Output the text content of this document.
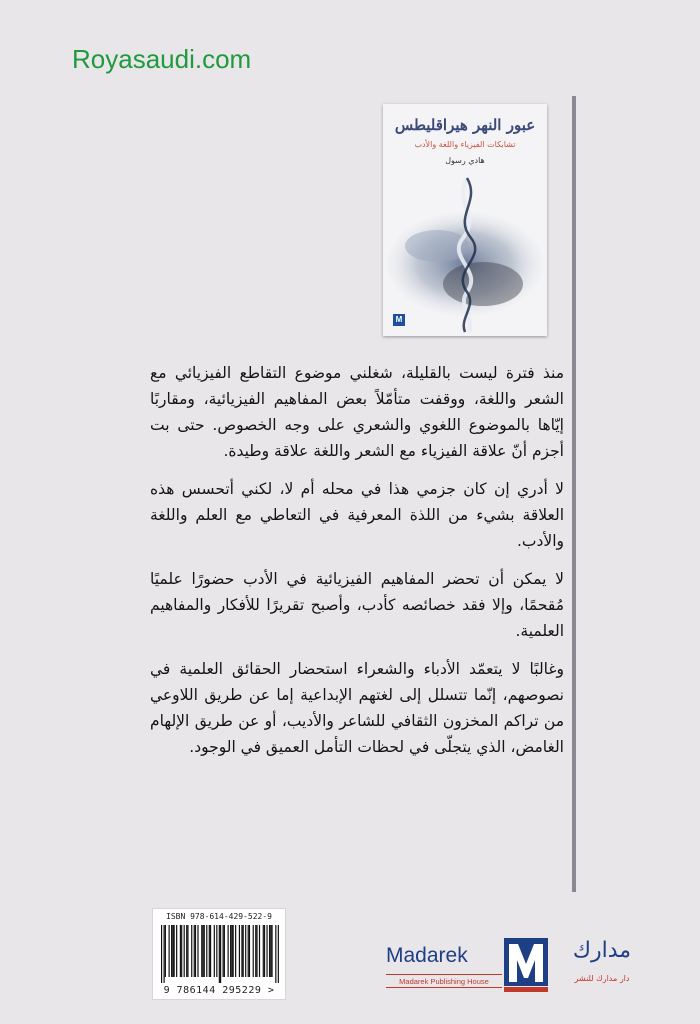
Royasaudi.com
عبور النهر هيراقليطس
تشابكات الفيزياء واللغة والأدب
هادي رسول
M

منذ فترة ليست بالقليلة، شغلني موضوع التقاطع الفيزيائي مع الشعر واللغة، ووقفت متأمّلاً بعض المفاهيم الفيزيائية، ومقاربًا إيّاها بالموضوع اللغوي والشعري على وجه الخصوص. حتى بت أجزم أنّ علاقة الفيزياء مع الشعر واللغة علاقة وطيدة.

لا أدري إن كان جزمي هذا في محله أم لا، لكني أتحسس هذه العلاقة بشيء من اللذة المعرفية في التعاطي مع العلم واللغة والأدب.

لا يمكن أن تحضر المفاهيم الفيزيائية في الأدب حضورًا علميًا مُقحمًا، وإلا فقد خصائصه كأدب، وأصبح تقريرًا للأفكار والمفاهيم العلمية.

وغالبًا لا يتعمّد الأدباء والشعراء استحضار الحقائق العلمية في نصوصهم، إنّما تتسلل إلى لغتهم الإبداعية إما عن طريق اللاوعي من تراكم المخزون الثقافي للشاعر والأديب، أو عن طريق الإلهام الغامض، الذي يتجلّى في لحظات التأمل العميق في الوجود.

ISBN 978-614-429-522-9
9 786144 295229 >
Madarek
Madarek Publishing House
مدارك
دار مدارك للنشر
